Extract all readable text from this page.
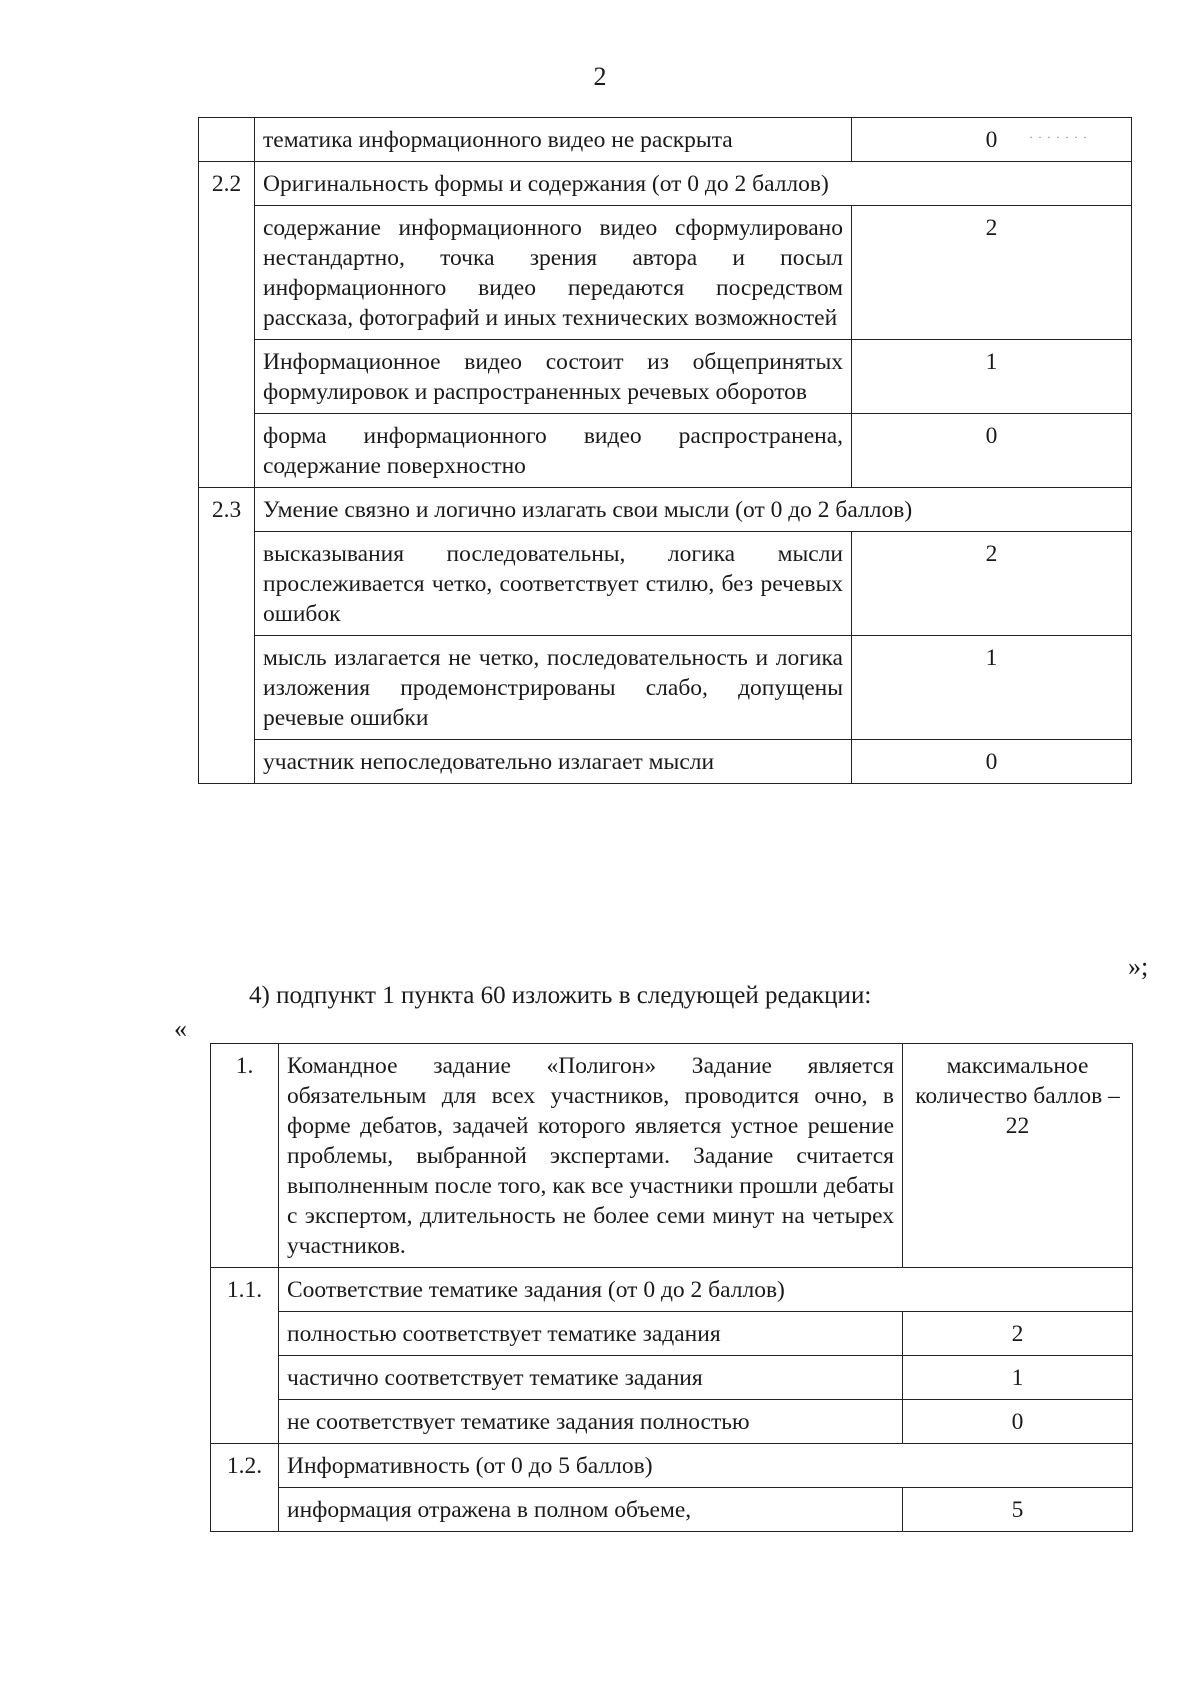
2
· · · · · · ·
	тематика информационного видео не раскрыта	0
2.2	Оригинальность формы и содержания (от 0 до 2 баллов)	
	содержание информационного видео сформулировано нестандартно, точка зрения автора и посыл информационного видео передаются посредством рассказа, фотографий и иных технических возможностей	2
	Информационное видео состоит из общепринятых формулировок и распространенных речевых оборотов	1
	форма информационного видео распространена, содержание поверхностно	0
2.3	Умение связно и логично излагать свои мысли (от 0 до 2 баллов)	
	высказывания последовательны, логика мысли прослеживается четко, соответствует стилю, без речевых ошибок	2
	мысль излагается не четко, последовательность и логика изложения продемонстрированы слабо, допущены речевые ошибки	1
	участник непоследовательно излагает мысли	0
»;
4) подпункт 1 пункта 60 изложить в следующей редакции:
«
1.	Командное задание «Полигон» Задание является обязательным для всех участников, проводится очно, в форме дебатов, задачей которого является устное решение проблемы, выбранной экспертами. Задание считается выполненным после того, как все участники прошли дебаты с экспертом, длительность не более семи минут на четырех участников.	максимальное количество баллов – 22
1.1.	Соответствие тематике задания (от 0 до 2 баллов)	
	полностью соответствует тематике задания	2
	частично соответствует тематике задания	1
	не соответствует тематике задания полностью	0
1.2.	Информативность (от 0 до 5 баллов)	
	информация отражена в полном объеме,	5
